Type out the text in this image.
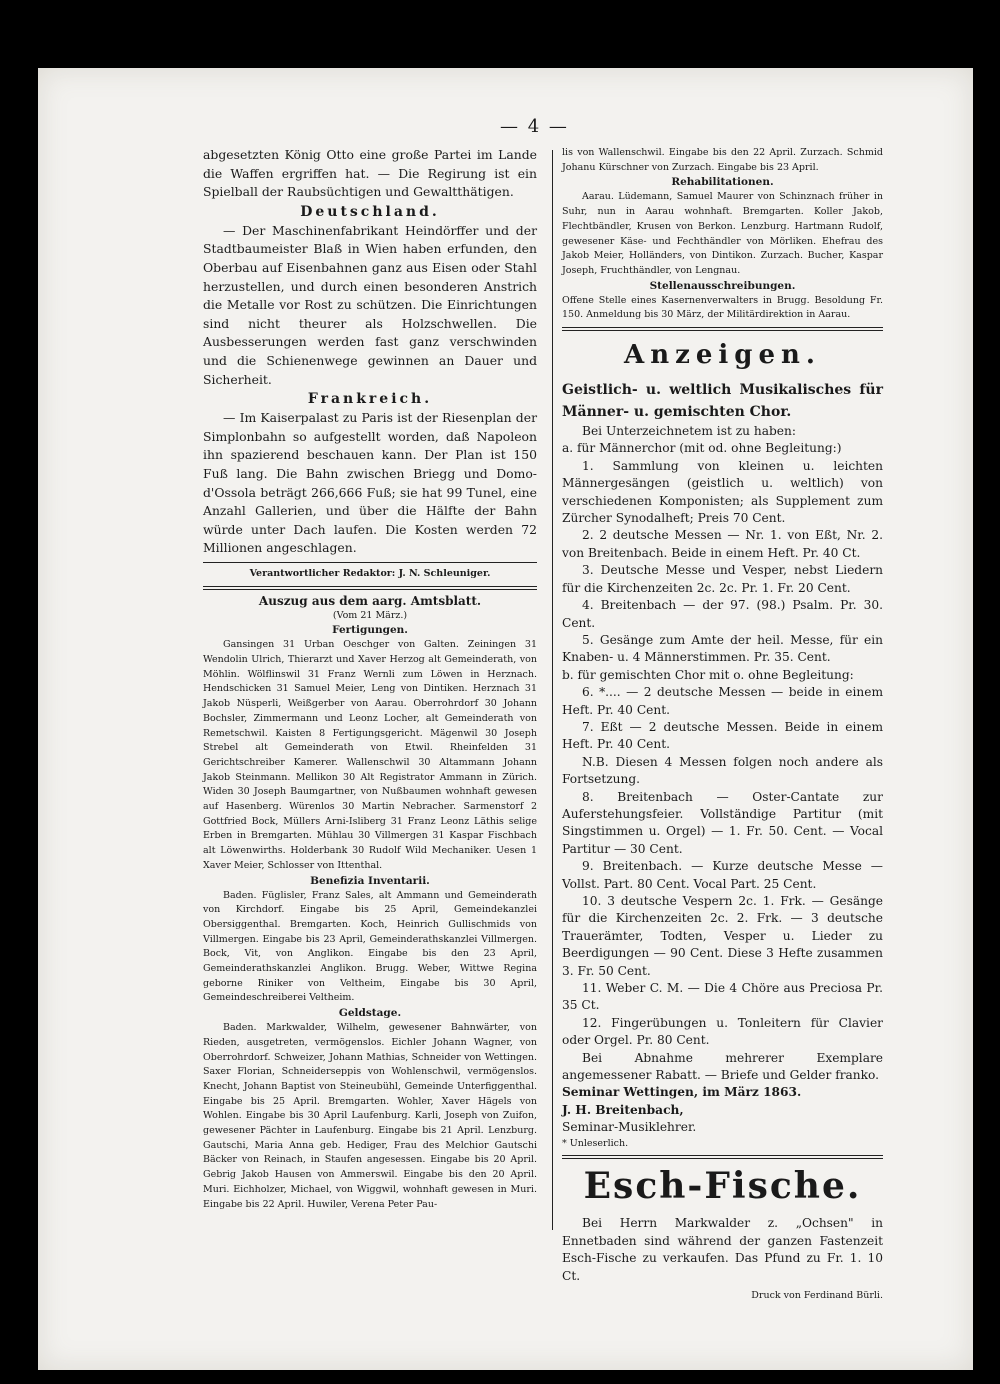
— 4 —

abgesetzten König Otto eine große Partei im Lande die Waffen ergriffen hat. — Die Regirung ist ein Spielball der Raubsüchtigen und Gewaltthätigen.

Deutschland.

— Der Maschinenfabrikant Heindörffer und der Stadtbaumeister Blaß in Wien haben erfunden, den Oberbau auf Eisenbahnen ganz aus Eisen oder Stahl herzustellen, und durch einen besonderen Anstrich die Metalle vor Rost zu schützen. Die Einrichtungen sind nicht theurer als Holzschwellen. Die Ausbesserungen werden fast ganz verschwinden und die Schienenwege gewinnen an Dauer und Sicherheit.

Frankreich.

— Im Kaiserpalast zu Paris ist der Riesenplan der Simplonbahn so aufgestellt worden, daß Napoleon ihn spazierend beschauen kann. Der Plan ist 150 Fuß lang. Die Bahn zwischen Briegg und Domo-d'Ossola beträgt 266,666 Fuß; sie hat 99 Tunel, eine Anzahl Gallerien, und über die Hälfte der Bahn würde unter Dach laufen. Die Kosten werden 72 Millionen angeschlagen.

Verantwortlicher Redaktor: J. N. Schleuniger.

Auszug aus dem aarg. Amtsblatt.

(Vom 21 März.)

Fertigungen.

Gansingen 31 Urban Oeschger von Galten. Zeiningen 31 Wendolin Ulrich, Thierarzt und Xaver Herzog alt Gemeinderath, von Möhlin. Wölflinswil 31 Franz Wernli zum Löwen in Herznach. Hendschicken 31 Samuel Meier, Leng von Dintiken. Herznach 31 Jakob Nüsperli, Weißgerber von Aarau. Oberrohrdorf 30 Johann Bochsler, Zimmermann und Leonz Locher, alt Gemeinderath von Remetschwil. Kaisten 8 Fertigungsgericht. Mägenwil 30 Joseph Strebel alt Gemeinderath von Etwil. Rheinfelden 31 Gerichtschreiber Kamerer. Wallenschwil 30 Altammann Johann Jakob Steinmann. Mellikon 30 Alt Registrator Ammann in Zürich. Widen 30 Joseph Baumgartner, von Nußbaumen wohnhaft gewesen auf Hasenberg. Würenlos 30 Martin Nebracher. Sarmenstorf 2 Gottfried Bock, Müllers Arni-Isliberg 31 Franz Leonz Läthis selige Erben in Bremgarten. Mühlau 30 Villmergen 31 Kaspar Fischbach alt Löwenwirths. Holderbank 30 Rudolf Wild Mechaniker. Uesen 1 Xaver Meier, Schlosser von Ittenthal.

Benefizia Inventarii.

Baden. Füglisler, Franz Sales, alt Ammann und Gemeinderath von Kirchdorf. Eingabe bis 25 April, Gemeindekanzlei Obersiggenthal. Bremgarten. Koch, Heinrich Gullischmids von Villmergen. Eingabe bis 23 April, Gemeinderathskanzlei Villmergen. Bock, Vit, von Anglikon. Eingabe bis den 23 April, Gemeinderathskanzlei Anglikon. Brugg. Weber, Wittwe Regina geborne Riniker von Veltheim, Eingabe bis 30 April, Gemeindeschreiberei Veltheim.

Geldstage.

Baden. Markwalder, Wilhelm, gewesener Bahnwärter, von Rieden, ausgetreten, vermögenslos. Eichler Johann Wagner, von Oberrohrdorf. Schweizer, Johann Mathias, Schneider von Wettingen. Saxer Florian, Schneiderseppis von Wohlenschwil, vermögenslos. Knecht, Johann Baptist von Steineubühl, Gemeinde Unterfiggenthal. Eingabe bis 25 April. Bremgarten. Wohler, Xaver Hägels von Wohlen. Eingabe bis 30 April Laufenburg. Karli, Joseph von Zuifon, gewesener Pächter in Laufenburg. Eingabe bis 21 April. Lenzburg. Gautschi, Maria Anna geb. Hediger, Frau des Melchior Gautschi Bäcker von Reinach, in Staufen angesessen. Eingabe bis 20 April. Gebrig Jakob Hausen von Ammerswil. Eingabe bis den 20 April. Muri. Eichholzer, Michael, von Wiggwil, wohnhaft gewesen in Muri. Eingabe bis 22 April. Huwiler, Verena Peter Pau-

lis von Wallenschwil. Eingabe bis den 22 April. Zurzach. Schmid Johanu Kürschner von Zurzach. Eingabe bis 23 April.

Rehabilitationen.

Aarau. Lüdemann, Samuel Maurer von Schinznach früher in Suhr, nun in Aarau wohnhaft. Bremgarten. Koller Jakob, Flechtbändler, Krusen von Berkon. Lenzburg. Hartmann Rudolf, gewesener Käse- und Fechthändler von Mörliken. Ehefrau des Jakob Meier, Holländers, von Dintikon. Zurzach. Bucher, Kaspar Joseph, Fruchthändler, von Lengnau.

Stellenausschreibungen.

Offene Stelle eines Kasernenverwalters in Brugg. Besoldung Fr. 150. Anmeldung bis 30 März, der Militärdirektion in Aarau.

Anzeigen.

Geistlich- u. weltlich Musikalisches für Männer- u. gemischten Chor.

Bei Unterzeichnetem ist zu haben:

a. für Männerchor (mit od. ohne Begleitung:)

1. Sammlung von kleinen u. leichten Männergesängen (geistlich u. weltlich) von verschiedenen Komponisten; als Supplement zum Zürcher Synodalheft; Preis 70 Cent.

2. 2 deutsche Messen — Nr. 1. von Eßt, Nr. 2. von Breitenbach. Beide in einem Heft. Pr. 40 Ct.

3. Deutsche Messe und Vesper, nebst Liedern für die Kirchenzeiten 2c. 2c. Pr. 1. Fr. 20 Cent.

4. Breitenbach — der 97. (98.) Psalm. Pr. 30. Cent.

5. Gesänge zum Amte der heil. Messe, für ein Knaben- u. 4 Männerstimmen. Pr. 35. Cent.

b. für gemischten Chor mit o. ohne Begleitung:

6. *.... — 2 deutsche Messen — beide in einem Heft. Pr. 40 Cent.

7. Eßt — 2 deutsche Messen. Beide in einem Heft. Pr. 40 Cent.

N.B. Diesen 4 Messen folgen noch andere als Fortsetzung.

8. Breitenbach — Oster-Cantate zur Auferstehungsfeier. Vollständige Partitur (mit Singstimmen u. Orgel) — 1. Fr. 50. Cent. — Vocal Partitur — 30 Cent.

9. Breitenbach. — Kurze deutsche Messe — Vollst. Part. 80 Cent. Vocal Part. 25 Cent.

10. 3 deutsche Vespern 2c. 1. Frk. — Gesänge für die Kirchenzeiten 2c. 2. Frk. — 3 deutsche Trauerämter, Todten, Vesper u. Lieder zu Beerdigungen — 90 Cent. Diese 3 Hefte zusammen 3. Fr. 50 Cent.

11. Weber C. M. — Die 4 Chöre aus Preciosa Pr. 35 Ct.

12. Fingerübungen u. Tonleitern für Clavier oder Orgel. Pr. 80 Cent.

Bei Abnahme mehrerer Exemplare angemessener Rabatt. — Briefe und Gelder franko.

Seminar Wettingen, im März 1863.

J. H. Breitenbach,

Seminar-Musiklehrer.

* Unleserlich.

Esch-Fische.

Bei Herrn Markwalder z. „Ochsen" in Ennetbaden sind während der ganzen Fastenzeit Esch-Fische zu verkaufen. Das Pfund zu Fr. 1. 10 Ct.

Druck von Ferdinand Bürli.
